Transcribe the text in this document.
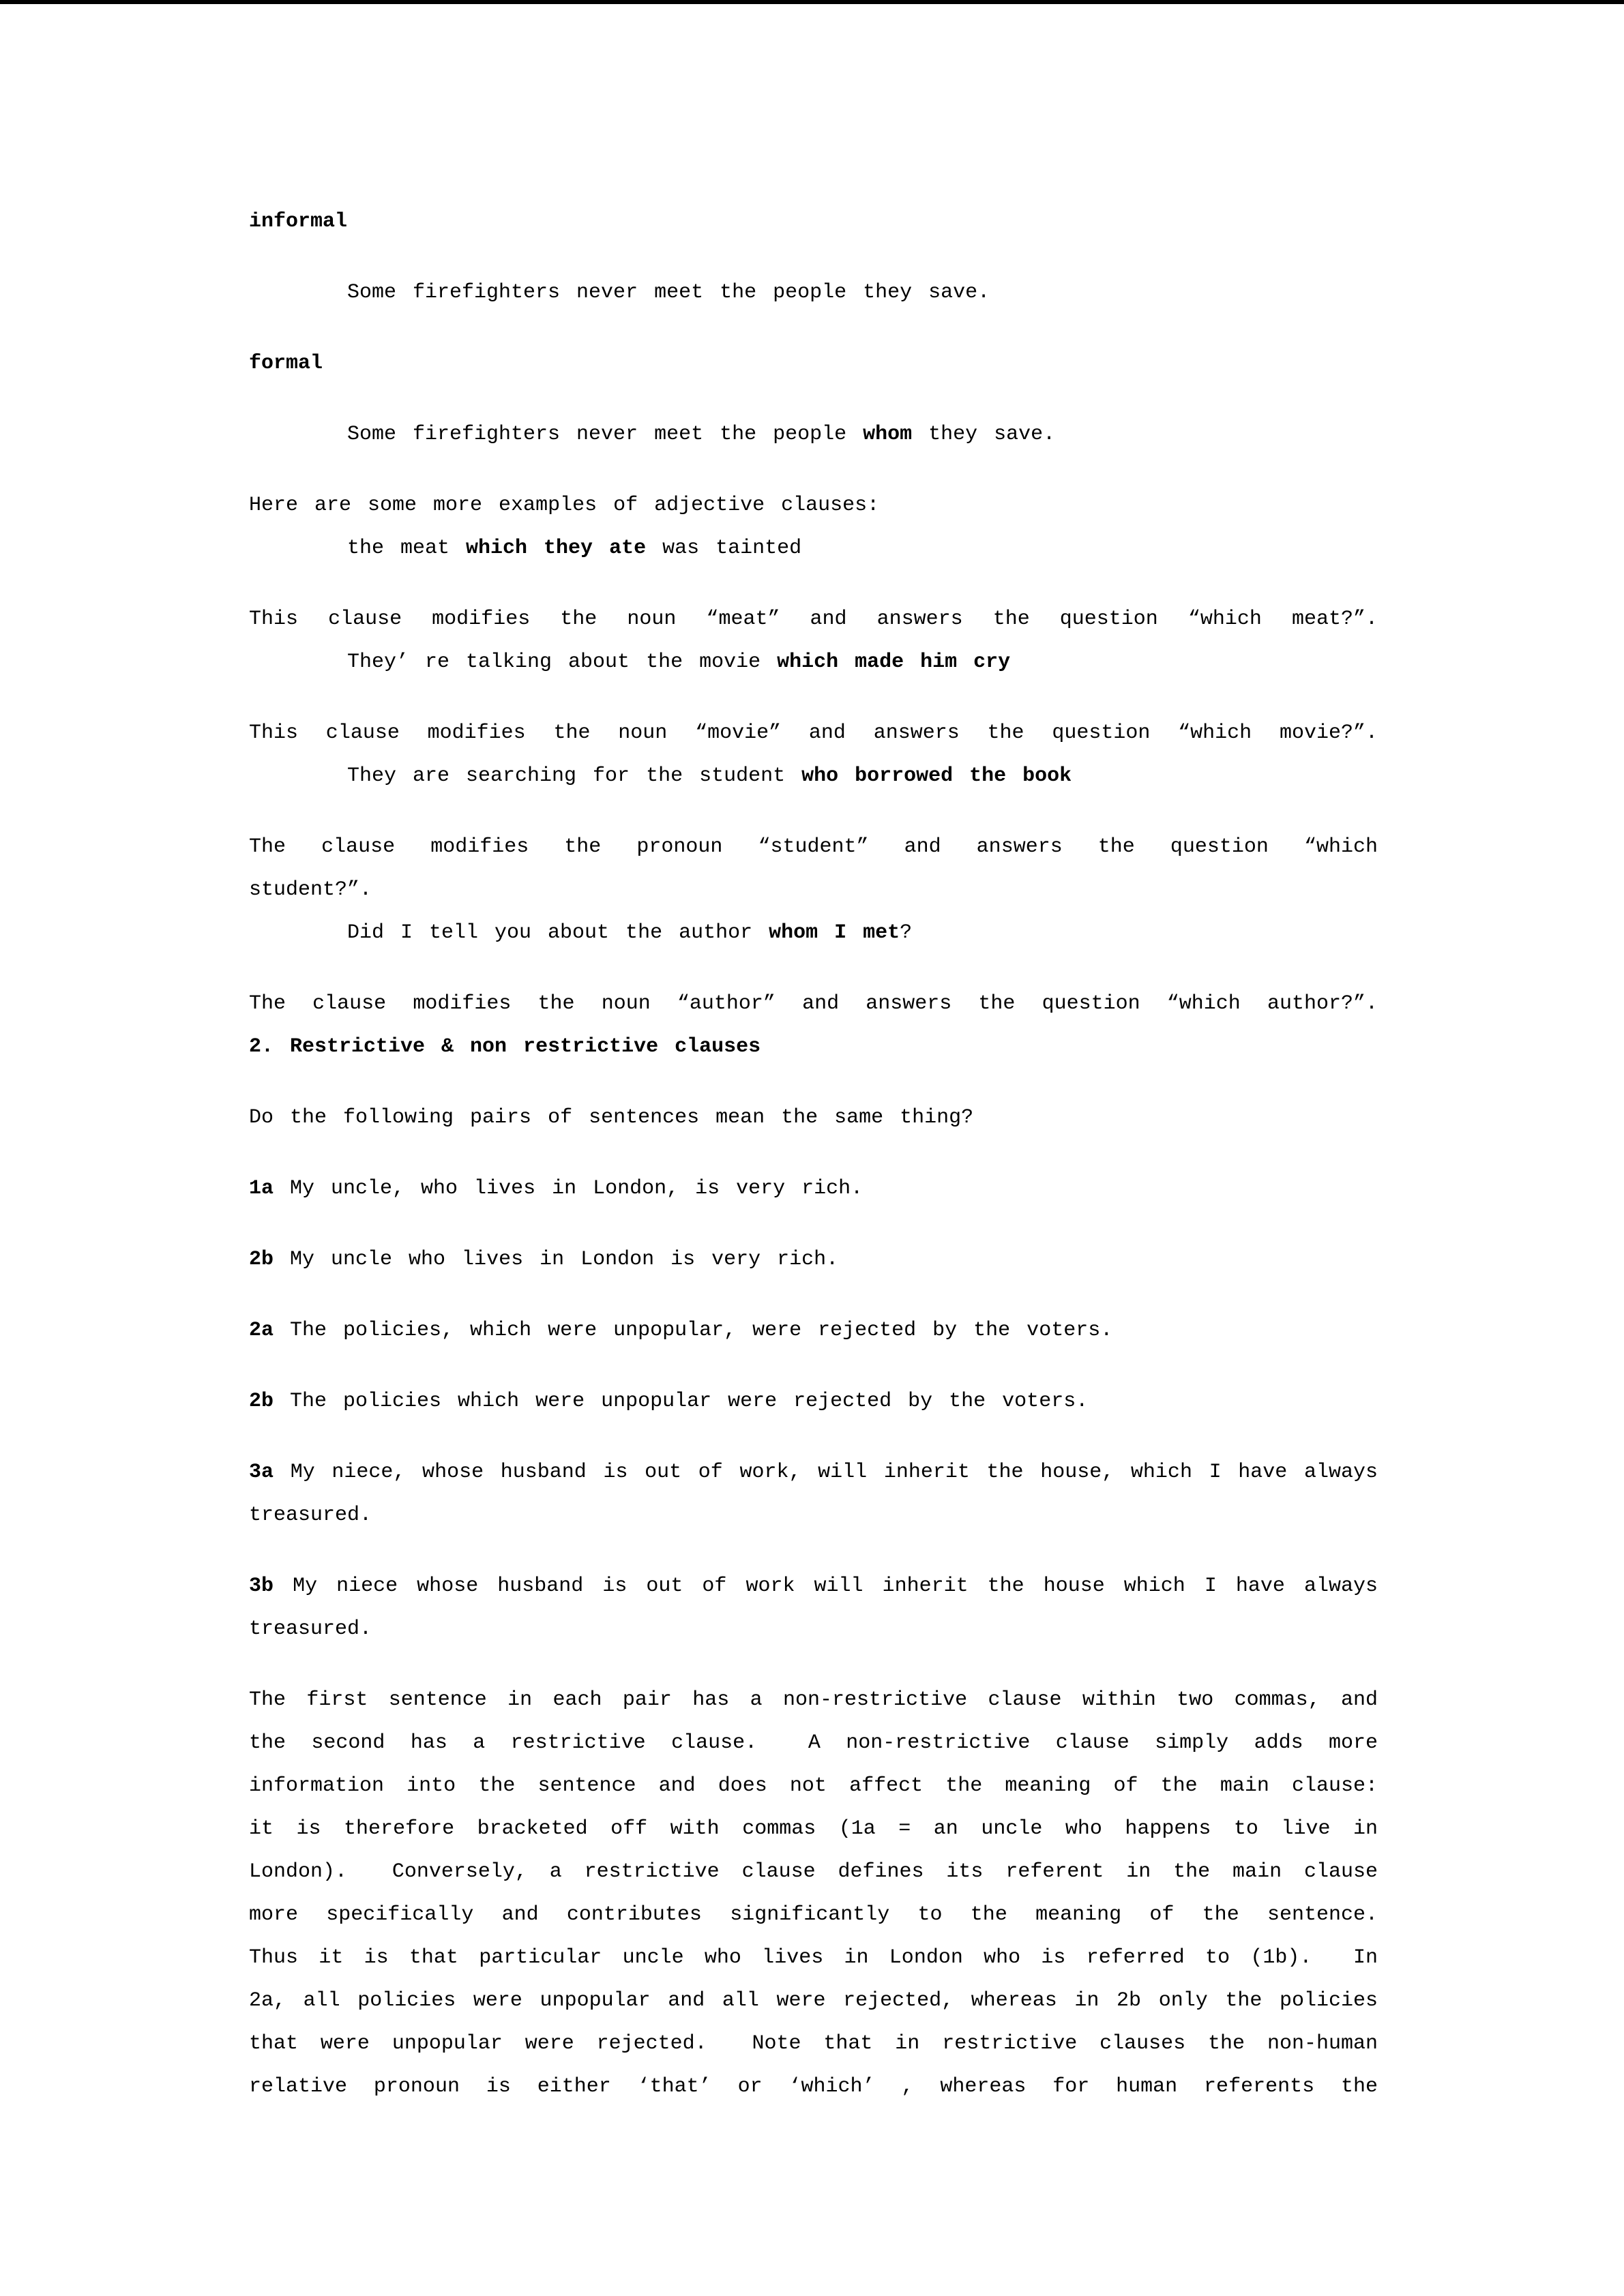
informal
Some firefighters never meet the people they save.
formal
Some firefighters never meet the people whom they save.
Here are some more examples of adjective clauses:
the meat which they ate was tainted
This clause modifies the noun “meat” and answers the question “which meat?”.
They’ re talking about the movie which made him cry
This clause modifies the noun “movie” and answers the question “which movie?”.
They are searching for the student who borrowed the book
The clause modifies the pronoun “student” and answers the question “which
student?”.
Did I tell you about the author whom I met?
The clause modifies the noun “author” and answers the question “which author?”.
2. Restrictive & non restrictive clauses
Do the following pairs of sentences mean the same thing?
1a My uncle, who lives in London, is very rich.
2b My uncle who lives in London is very rich.
2a The policies, which were unpopular, were rejected by the voters.
2b The policies which were unpopular were rejected by the voters.
3a My niece, whose husband is out of work, will inherit the house, which I have always
treasured.
3b My niece whose husband is out of work will inherit the house which I have always
treasured.
The first sentence in each pair has a non-restrictive clause within two commas, and
the second has a restrictive clause.  A non-restrictive clause simply adds more
information into the sentence and does not affect the meaning of the main clause:
it is therefore bracketed off with commas (1a = an uncle who happens to live in
London).  Conversely, a restrictive clause defines its referent in the main clause
more specifically and contributes significantly to the meaning of the sentence.
Thus it is that particular uncle who lives in London who is referred to (1b).  In
2a, all policies were unpopular and all were rejected, whereas in 2b only the policies
that were unpopular were rejected.  Note that in restrictive clauses the non-human
relative pronoun is either ‘that’ or ‘which’ , whereas for human referents the
